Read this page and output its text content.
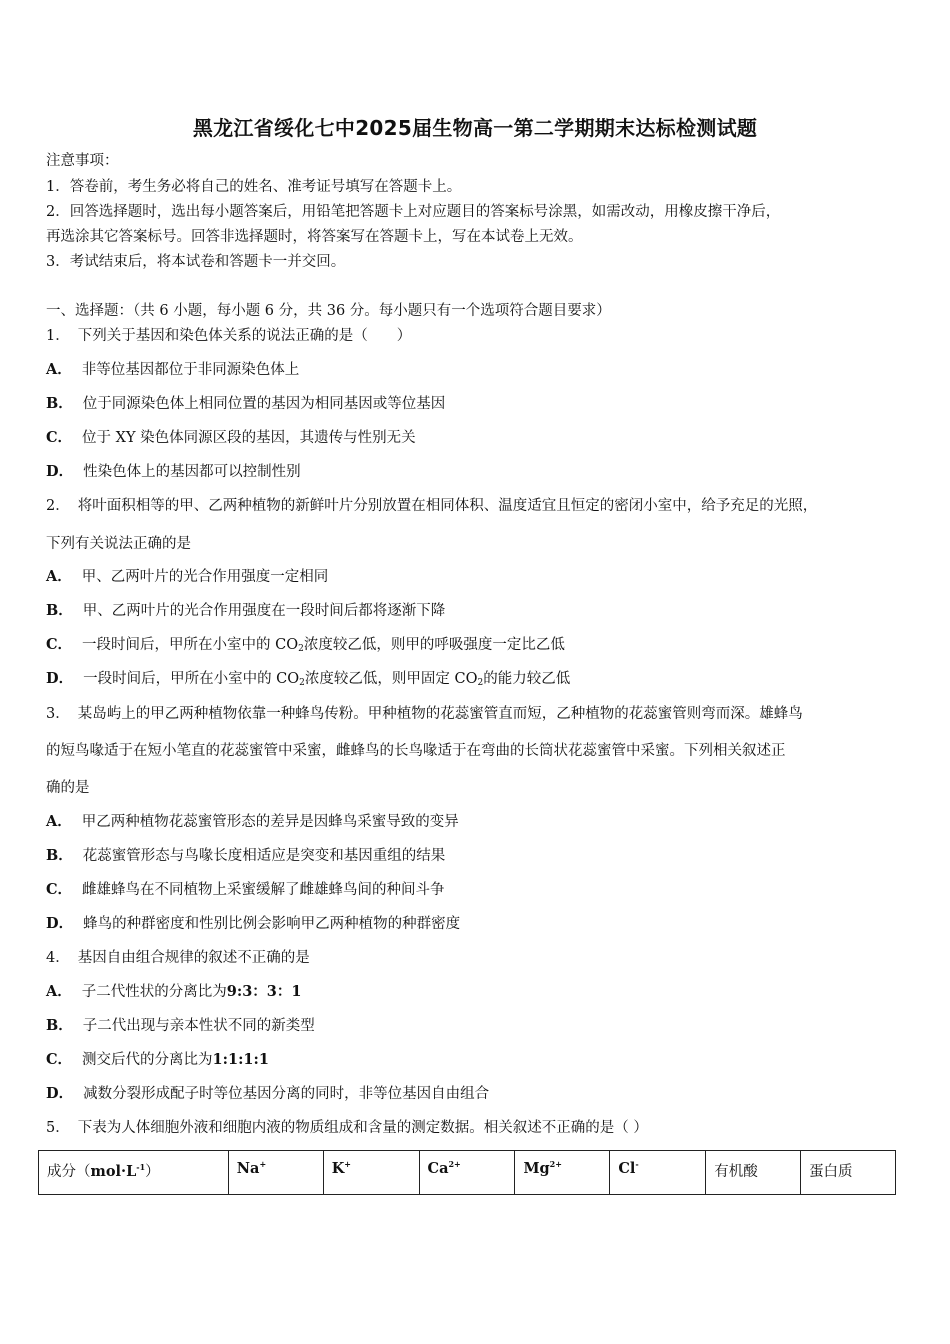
黑龙江省绥化七中2025届生物高一第二学期期末达标检测试题
注意事项：
1．答卷前，考生务必将自己的姓名、准考证号填写在答题卡上。
2．回答选择题时，选出每小题答案后，用铅笔把答题卡上对应题目的答案标号涂黑，如需改动，用橡皮擦干净后，
再选涂其它答案标号。回答非选择题时，将答案写在答题卡上，写在本试卷上无效。
3．考试结束后，将本试卷和答题卡一并交回。
一、选择题：（共 6 小题，每小题 6 分，共 36 分。每小题只有一个选项符合题目要求）
1． 下列关于基因和染色体关系的说法正确的是（　　）
A． 非等位基因都位于非同源染色体上
B． 位于同源染色体上相同位置的基因为相同基因或等位基因
C． 位于 XY 染色体同源区段的基因，其遗传与性别无关
D． 性染色体上的基因都可以控制性别
2． 将叶面积相等的甲、乙两种植物的新鲜叶片分别放置在相同体积、温度适宜且恒定的密闭小室中，给予充足的光照，
下列有关说法正确的是
A． 甲、乙两叶片的光合作用强度一定相同
B． 甲、乙两叶片的光合作用强度在一段时间后都将逐渐下降
C． 一段时间后，甲所在小室中的 $CO_2$浓度较乙低，则甲的呼吸强度一定比乙低
D． 一段时间后，甲所在小室中的 $CO_2$浓度较乙低，则甲固定 $CO_2$的能力较乙低
3． 某岛屿上的甲乙两种植物依靠一种蜂鸟传粉。甲种植物的花蕊蜜管直而短，乙种植物的花蕊蜜管则弯而深。雄蜂鸟
的短鸟喙适于在短小笔直的花蕊蜜管中采蜜，雌蜂鸟的长鸟喙适于在弯曲的长筒状花蕊蜜管中采蜜。下列相关叙述正
确的是
A． 甲乙两种植物花蕊蜜管形态的差异是因蜂鸟采蜜导致的变异
B． 花蕊蜜管形态与鸟喙长度相适应是突变和基因重组的结果
C． 雌雄蜂鸟在不同植物上采蜜缓解了雌雄蜂鸟间的种间斗争
D． 蜂鸟的种群密度和性别比例会影响甲乙两种植物的种群密度
4． 基因自由组合规律的叙述不正确的是
A． 子二代性状的分离比为9:3：3：1
B． 子二代出现与亲本性状不同的新类型
C． 测交后代的分离比为1:1:1:1
D． 减数分裂形成配子时等位基因分离的同时，非等位基因自由组合
5． 下表为人体细胞外液和细胞内液的物质组成和含量的测定数据。相关叙述不正确的是（ ）
成分$(mol\cdot L^{-1})$	Na+	K+	$Ca^{2+}$	$Mg^{2+}$	Cl-	有机酸	蛋白质
